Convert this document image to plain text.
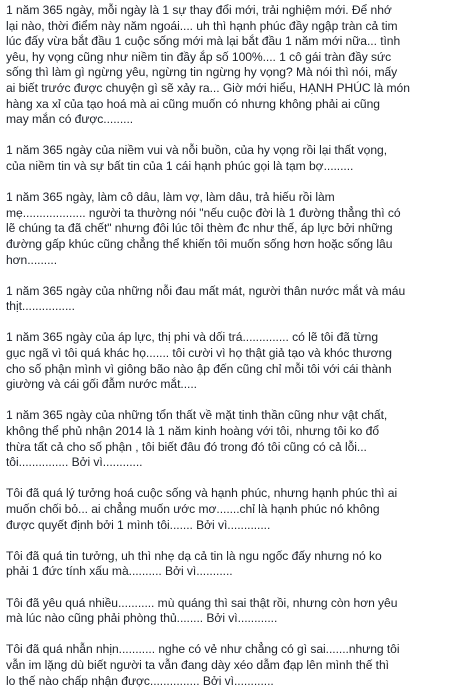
1 năm 365 ngày, mỗi ngày là 1 sự thay đổi mới, trải nghiệm mới. Để nhớ
lại nào, thời điểm này năm ngoái.... uh thì hạnh phúc đầy ngập tràn cả tim
lúc đấy vừa bắt đầu 1 cuộc sống mới mà lại bắt đầu 1 năm mới nữa... tình
yêu, hy vọng cũng như niềm tin đầy ắp số 100%.... 1 cô gái tràn đầy sức
sống thì làm gì ngừng yêu, ngừng tin ngừng hy vọng? Mà nói thì nói, mấy
ai biết trước được chuyện gì sẽ xảy ra... Giờ mới hiểu, HẠNH PHÚC là món
hàng xa xỉ của tạo hoá mà ai cũng muốn có nhưng không phải ai cũng
may mắn có được.........

1 năm 365 ngày của niềm vui và nỗi buồn, của hy vọng rồi lại thất vọng,
của niềm tin và sự bất tin của 1 cái hạnh phúc gọi là tạm bợ.........

1 năm 365 ngày, làm cô dâu, làm vợ, làm dâu, trả hiếu rồi làm
mẹ................... người ta thường nói "nếu cuộc đời là 1 đường thẳng thì có
lẽ chúng ta đã chết" nhưng đôi lúc tôi thèm đc như thế, áp lực bởi những
đường gấp khúc cũng chẳng thể khiến tôi muốn sống hơn hoặc sống lâu
hơn.........

1 năm 365 ngày của những nỗi đau mất mát, người thân nước mắt và máu
thịt................

1 năm 365 ngày của áp lực, thị phi và dối trá.............. có lẽ tôi đã từng
gục ngã vì tôi quá khác họ....... tôi cười vì họ thật giả tạo và khóc thương
cho số phận mình vì giông bão nào ập đến cũng chỉ mỗi tôi với cái thành
giường và cái gối đẫm nước mắt.....

1 năm 365 ngày của những tổn thất về mặt tinh thần cũng như vật chất,
không thể phủ nhận 2014 là 1 năm kinh hoàng với tôi, nhưng tôi ko đổ
thừa tất cả cho số phận , tôi biết đâu đó trong đó tôi cũng có cả lỗi...
tôi............... Bởi vì............

Tôi đã quá lý tưởng hoá cuộc sống và hạnh phúc, nhưng hạnh phúc thì ai
muốn chối bỏ... ai chẳng muốn ước mơ.......chỉ là hạnh phúc nó không
được quyết định bởi 1 mình tôi....... Bởi vì.............

Tôi đã quá tin tưởng, uh thì nhẹ dạ cả tin là ngu ngốc đấy nhưng nó ko
phải 1 đức tính xấu mà.......... Bởi vì...........

Tôi đã yêu quá nhiều........... mù quáng thì sai thật rồi, nhưng còn hơn yêu
mà lúc nào cũng phải phòng thủ........ Bởi vì............

Tôi đã quá nhẫn nhịn........... nghe có vẻ như chẳng có gì sai.......nhưng tôi
vẫn im lặng dù biết người ta vẫn đang dày xéo dẫm đạp lên mình thế thì
lo thế nào chấp nhận được............... Bởi vì............
